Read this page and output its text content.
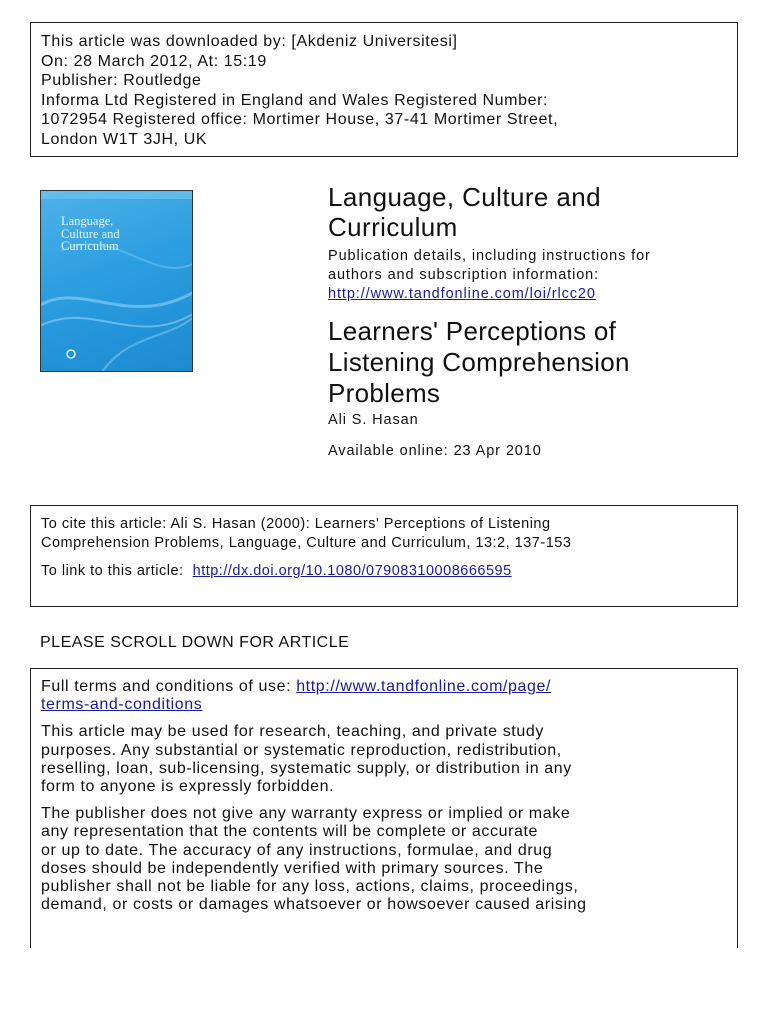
This article was downloaded by: [Akdeniz Universitesi]
On: 28 March 2012, At: 15:19
Publisher: Routledge
Informa Ltd Registered in England and Wales Registered Number:
1072954 Registered office: Mortimer House, 37-41 Mortimer Street,
London W1T 3JH, UK
Language,
Culture and
Curriculum
Language, Culture and
Curriculum
Publication details, including instructions for
authors and subscription information:
http://www.tandfonline.com/loi/rlcc20
Learners' Perceptions of
Listening Comprehension
Problems
Ali S. Hasan
Available online: 23 Apr 2010
To cite this article: Ali S. Hasan (2000): Learners' Perceptions of Listening
Comprehension Problems, Language, Culture and Curriculum, 13:2, 137-153
To link to this article: http://dx.doi.org/10.1080/07908310008666595
PLEASE SCROLL DOWN FOR ARTICLE
Full terms and conditions of use: http://www.tandfonline.com/page/
terms-and-conditions
This article may be used for research, teaching, and private study
purposes. Any substantial or systematic reproduction, redistribution,
reselling, loan, sub-licensing, systematic supply, or distribution in any
form to anyone is expressly forbidden.
The publisher does not give any warranty express or implied or make
any representation that the contents will be complete or accurate
or up to date. The accuracy of any instructions, formulae, and drug
doses should be independently verified with primary sources. The
publisher shall not be liable for any loss, actions, claims, proceedings,
demand, or costs or damages whatsoever or howsoever caused arising
